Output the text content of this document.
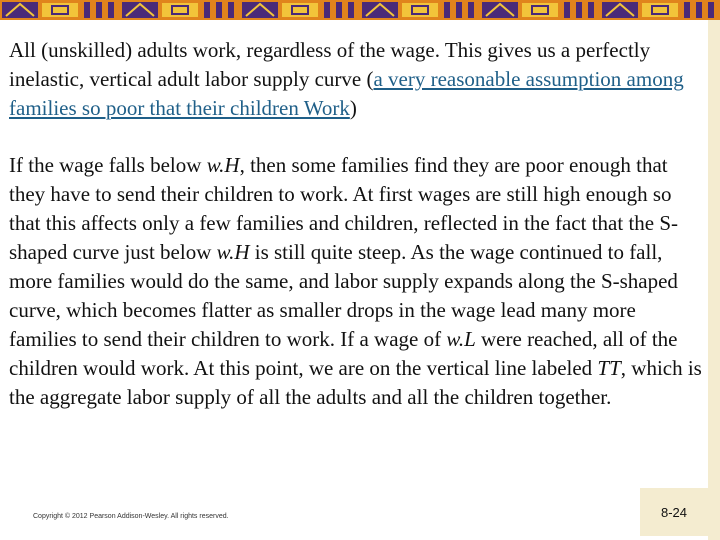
All (unskilled) adults work, regardless of the wage. This gives us a perfectly inelastic, vertical adult labor supply curve (a very reasonable assumption among families so poor that their children Work)

If the wage falls below w.H, then some families find they are poor enough that they have to send their children to work. At first wages are still high enough so that this affects only a few families and children, reflected in the fact that the S-shaped curve just below w.H is still quite steep. As the wage continued to fall, more families would do the same, and labor supply expands along the S-shaped curve, which becomes flatter as smaller drops in the wage lead many more families to send their children to work. If a wage of w.L were reached, all of the children would work. At this point, we are on the vertical line labeled TT, which is the aggregate labor supply of all the adults and all the children together.

Copyright © 2012 Pearson Addison-Wesley. All rights reserved.	8-24
